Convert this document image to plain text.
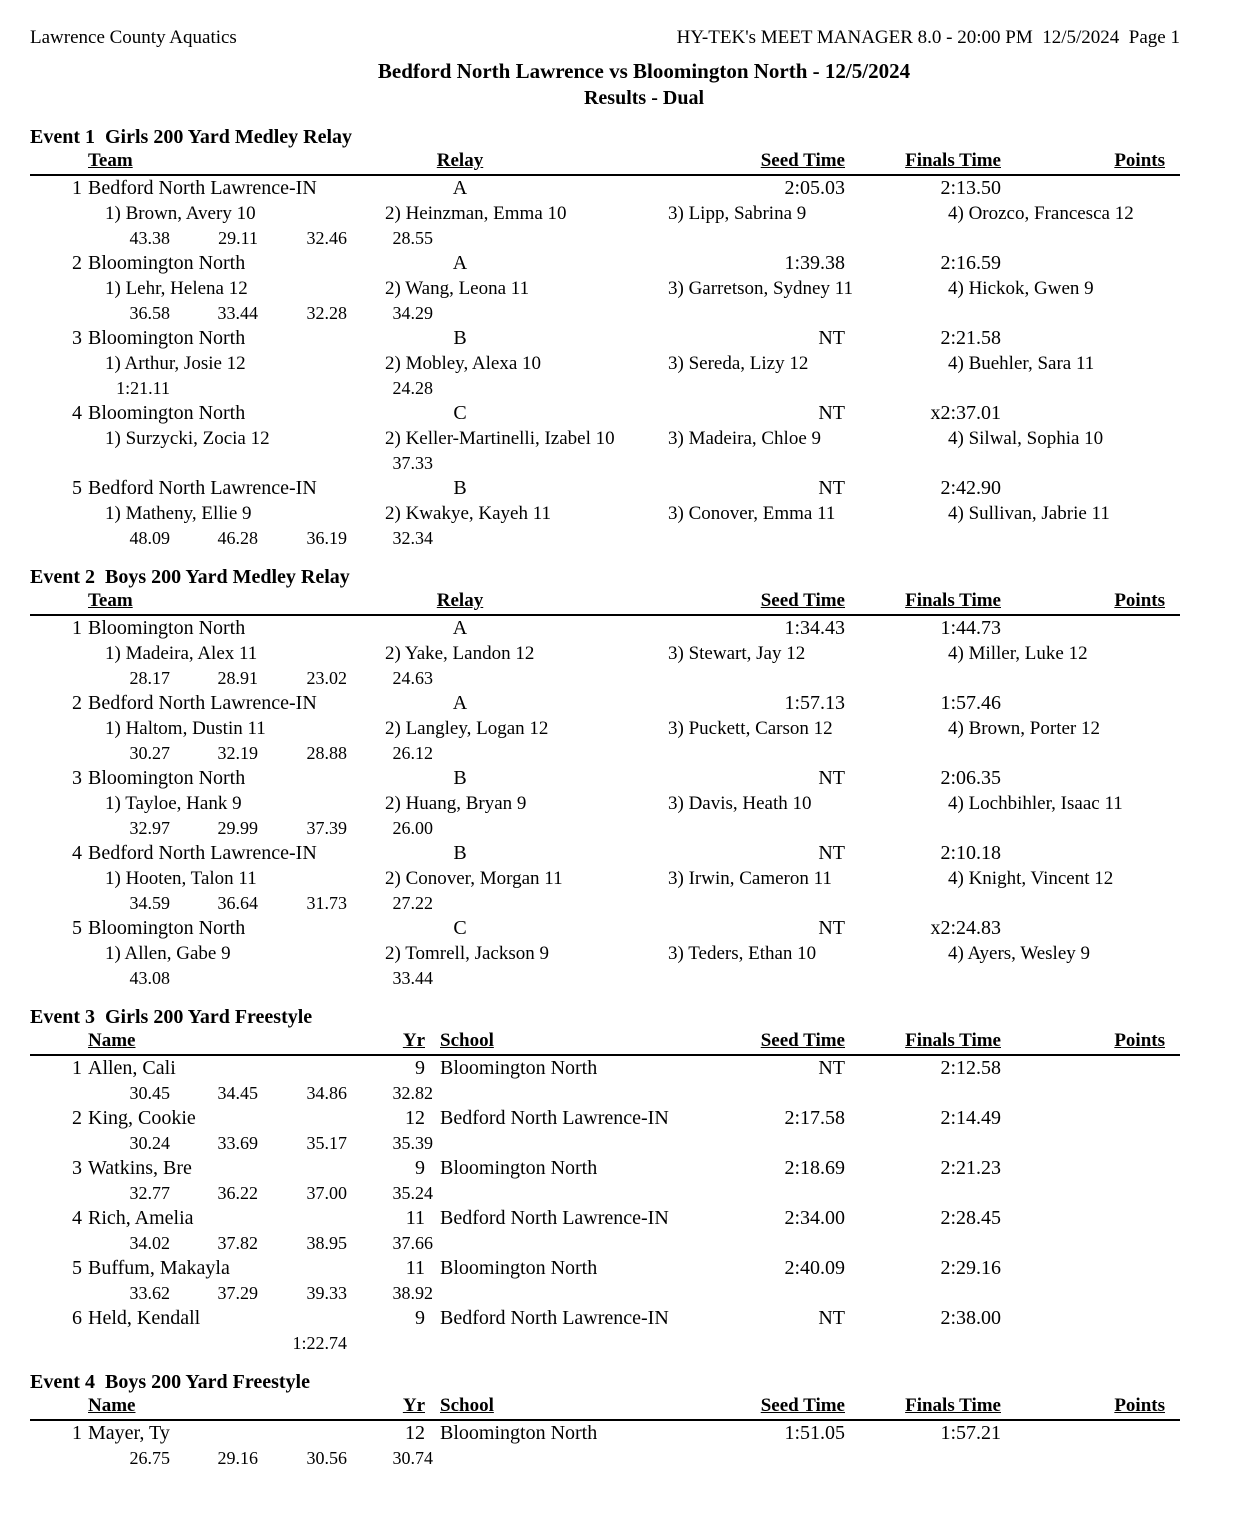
Lawrence County Aquatics	HY-TEK's MEET MANAGER 8.0 - 20:00 PM  12/5/2024  Page 1
Bedford North Lawrence vs Bloomington North - 12/5/2024
Results - Dual
Event 1  Girls 200 Yard Medley Relay
Team	Relay	Seed Time	Finals Time	Points
1 Bedford North Lawrence-IN	A	2:05.03	2:13.50
1) Brown, Avery 10	2) Heinzman, Emma 10	3) Lipp, Sabrina 9	4) Orozco, Francesca 12
43.38	29.11	32.46	28.55
2 Bloomington North	A	1:39.38	2:16.59
1) Lehr, Helena 12	2) Wang, Leona 11	3) Garretson, Sydney 11	4) Hickok, Gwen 9
36.58	33.44	32.28	34.29
3 Bloomington North	B	NT	2:21.58
1) Arthur, Josie 12	2) Mobley, Alexa 10	3) Sereda, Lizy 12	4) Buehler, Sara 11
1:21.11	24.28
4 Bloomington North	C	NT	x2:37.01
1) Surzycki, Zocia 12	2) Keller-Martinelli, Izabel 10	3) Madeira, Chloe 9	4) Silwal, Sophia 10
37.33
5 Bedford North Lawrence-IN	B	NT	2:42.90
1) Matheny, Ellie 9	2) Kwakye, Kayeh 11	3) Conover, Emma 11	4) Sullivan, Jabrie 11
48.09	46.28	36.19	32.34
Event 2  Boys 200 Yard Medley Relay
Team	Relay	Seed Time	Finals Time	Points
1 Bloomington North	A	1:34.43	1:44.73
1) Madeira, Alex 11	2) Yake, Landon 12	3) Stewart, Jay 12	4) Miller, Luke 12
28.17	28.91	23.02	24.63
2 Bedford North Lawrence-IN	A	1:57.13	1:57.46
1) Haltom, Dustin 11	2) Langley, Logan 12	3) Puckett, Carson 12	4) Brown, Porter 12
30.27	32.19	28.88	26.12
3 Bloomington North	B	NT	2:06.35
1) Tayloe, Hank 9	2) Huang, Bryan 9	3) Davis, Heath 10	4) Lochbihler, Isaac 11
32.97	29.99	37.39	26.00
4 Bedford North Lawrence-IN	B	NT	2:10.18
1) Hooten, Talon 11	2) Conover, Morgan 11	3) Irwin, Cameron 11	4) Knight, Vincent 12
34.59	36.64	31.73	27.22
5 Bloomington North	C	NT	x2:24.83
1) Allen, Gabe 9	2) Tomrell, Jackson 9	3) Teders, Ethan 10	4) Ayers, Wesley 9
43.08	33.44
Event 3  Girls 200 Yard Freestyle
Name	Yr School	Seed Time	Finals Time	Points
1 Allen, Cali	9 Bloomington North	NT	2:12.58
30.45	34.45	34.86	32.82
2 King, Cookie	12 Bedford North Lawrence-IN	2:17.58	2:14.49
30.24	33.69	35.17	35.39
3 Watkins, Bre	9 Bloomington North	2:18.69	2:21.23
32.77	36.22	37.00	35.24
4 Rich, Amelia	11 Bedford North Lawrence-IN	2:34.00	2:28.45
34.02	37.82	38.95	37.66
5 Buffum, Makayla	11 Bloomington North	2:40.09	2:29.16
33.62	37.29	39.33	38.92
6 Held, Kendall	9 Bedford North Lawrence-IN	NT	2:38.00
1:22.74
Event 4  Boys 200 Yard Freestyle
Name	Yr School	Seed Time	Finals Time	Points
1 Mayer, Ty	12 Bloomington North	1:51.05	1:57.21
26.75	29.16	30.56	30.74
